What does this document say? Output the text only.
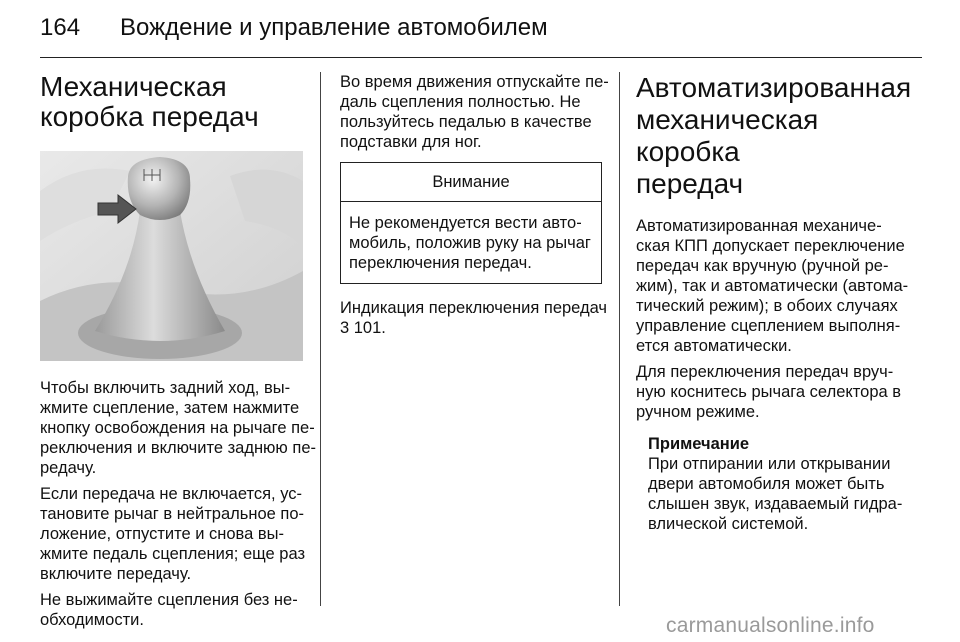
164 Вождение и управление автомобилем
Механическая
коробка передач

Чтобы включить задний ход, вы-
жмите сцепление, затем нажмите
кнопку освобождения на рычаге пе-
реключения и включите заднюю пе-
редачу.

Если передача не включается, ус-
тановите рычаг в нейтральное по-
ложение, отпустите и снова вы-
жмите педаль сцепления; еще раз
включите передачу.

Не выжимайте сцепления без не-
обходимости.

Во время движения отпускайте пе-
даль сцепления полностью. Не
пользуйтесь педалью в качестве
подставки для ног.

Внимание

Не рекомендуется вести авто-
мобиль, положив руку на рычаг
переключения передач.

Индикация переключения передач
3 101.

Автоматизированная
механическая коробка
передач

Автоматизированная механиче-
ская КПП допускает переключение
передач как вручную (ручной ре-
жим), так и автоматически (автома-
тический режим); в обоих случаях
управление сцеплением выполня-
ется автоматически.

Для переключения передач вруч-
ную коснитесь рычага селектора в
ручном режиме.

Примечание

При отпирании или открывании
двери автомобиля может быть
слышен звук, издаваемый гидра-
влической системой.

carmanualsonline.info
